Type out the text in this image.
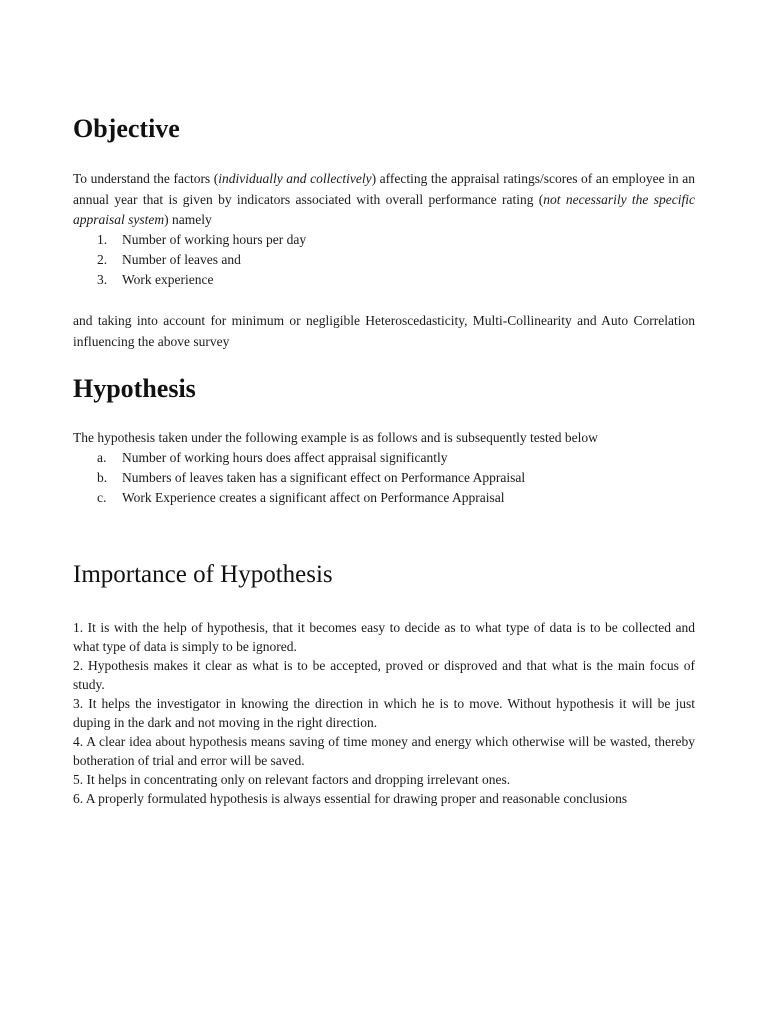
Objective

To understand the factors (individually and collectively) affecting the appraisal ratings/scores of an employee in an annual year that is given by indicators associated with overall performance rating (not necessarily the specific appraisal system) namely

1. Number of working hours per day
2. Number of leaves and
3. Work experience

and taking into account for minimum or negligible Heteroscedasticity, Multi-Collinearity and Auto Correlation influencing the above survey

Hypothesis

The hypothesis taken under the following example is as follows and is subsequently tested below

a. Number of working hours does affect appraisal significantly
b. Numbers of leaves taken has a significant effect on Performance Appraisal
c. Work Experience creates a significant affect on Performance Appraisal
Importance of Hypothesis

1. It is with the help of hypothesis, that it becomes easy to decide as to what type of data is to be collected and what type of data is simply to be ignored.

2. Hypothesis makes it clear as what is to be accepted, proved or disproved and that what is the main focus of study.

3. It helps the investigator in knowing the direction in which he is to move. Without hypothesis it will be just duping in the dark and not moving in the right direction.

4. A clear idea about hypothesis means saving of time money and energy which otherwise will be wasted, thereby botheration of trial and error will be saved.

5. It helps in concentrating only on relevant factors and dropping irrelevant ones.

6. A properly formulated hypothesis is always essential for drawing proper and reasonable conclusions
